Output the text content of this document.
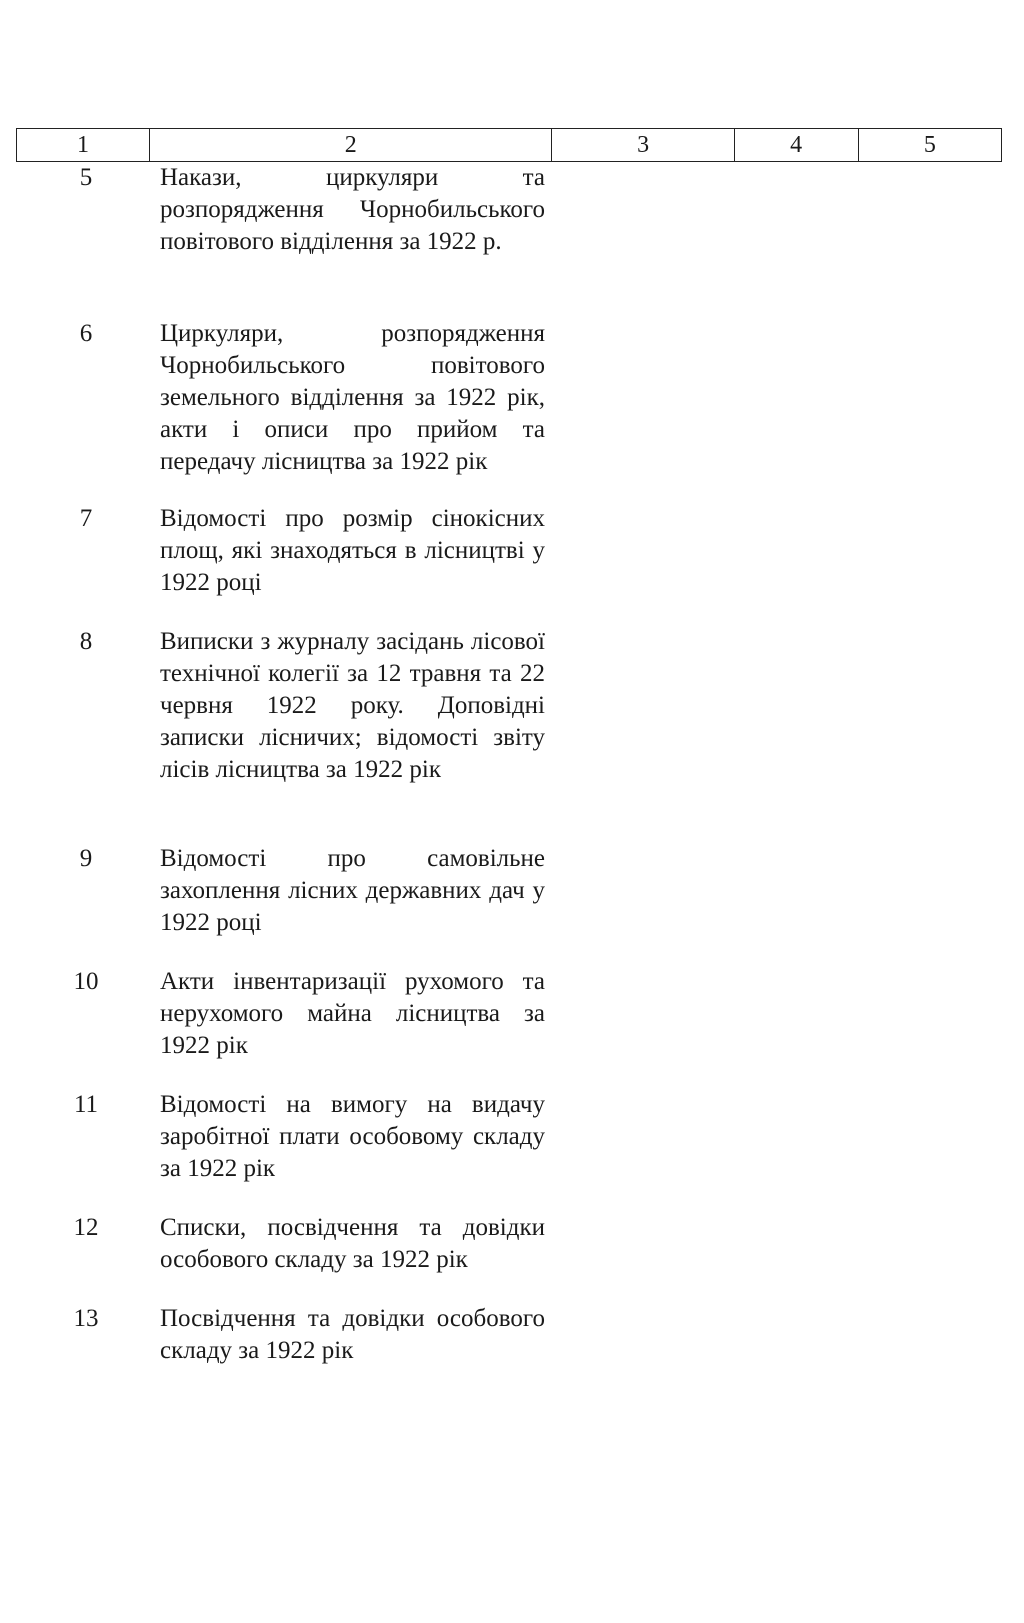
1	2	3	4	5
5	Накази, циркуляри та розпорядження Чорнобильського повітового відділення за 1922 р.
6	Циркуляри, розпорядження Чорнобильського повітового земельного відділення за 1922 рік, акти і описи про прийом та передачу лісництва за 1922 рік
7	Відомості про розмір сінокісних площ, які знаходяться в лісництві у 1922 році
8	Виписки з журналу засідань лісової технічної колегії за 12 травня та 22 червня 1922 року. Доповідні записки лісничих; відомості звіту лісів лісництва за 1922 рік
9	Відомості про самовільне захоплення лісних державних дач у 1922 році
10	Акти інвентаризації рухомого та нерухомого майна лісництва за 1922 рік
11	Відомості на вимогу на видачу заробітної плати особовому складу за 1922 рік
12	Списки, посвідчення та довідки особового складу за 1922 рік
13	Посвідчення та довідки особового складу за 1922 рік
